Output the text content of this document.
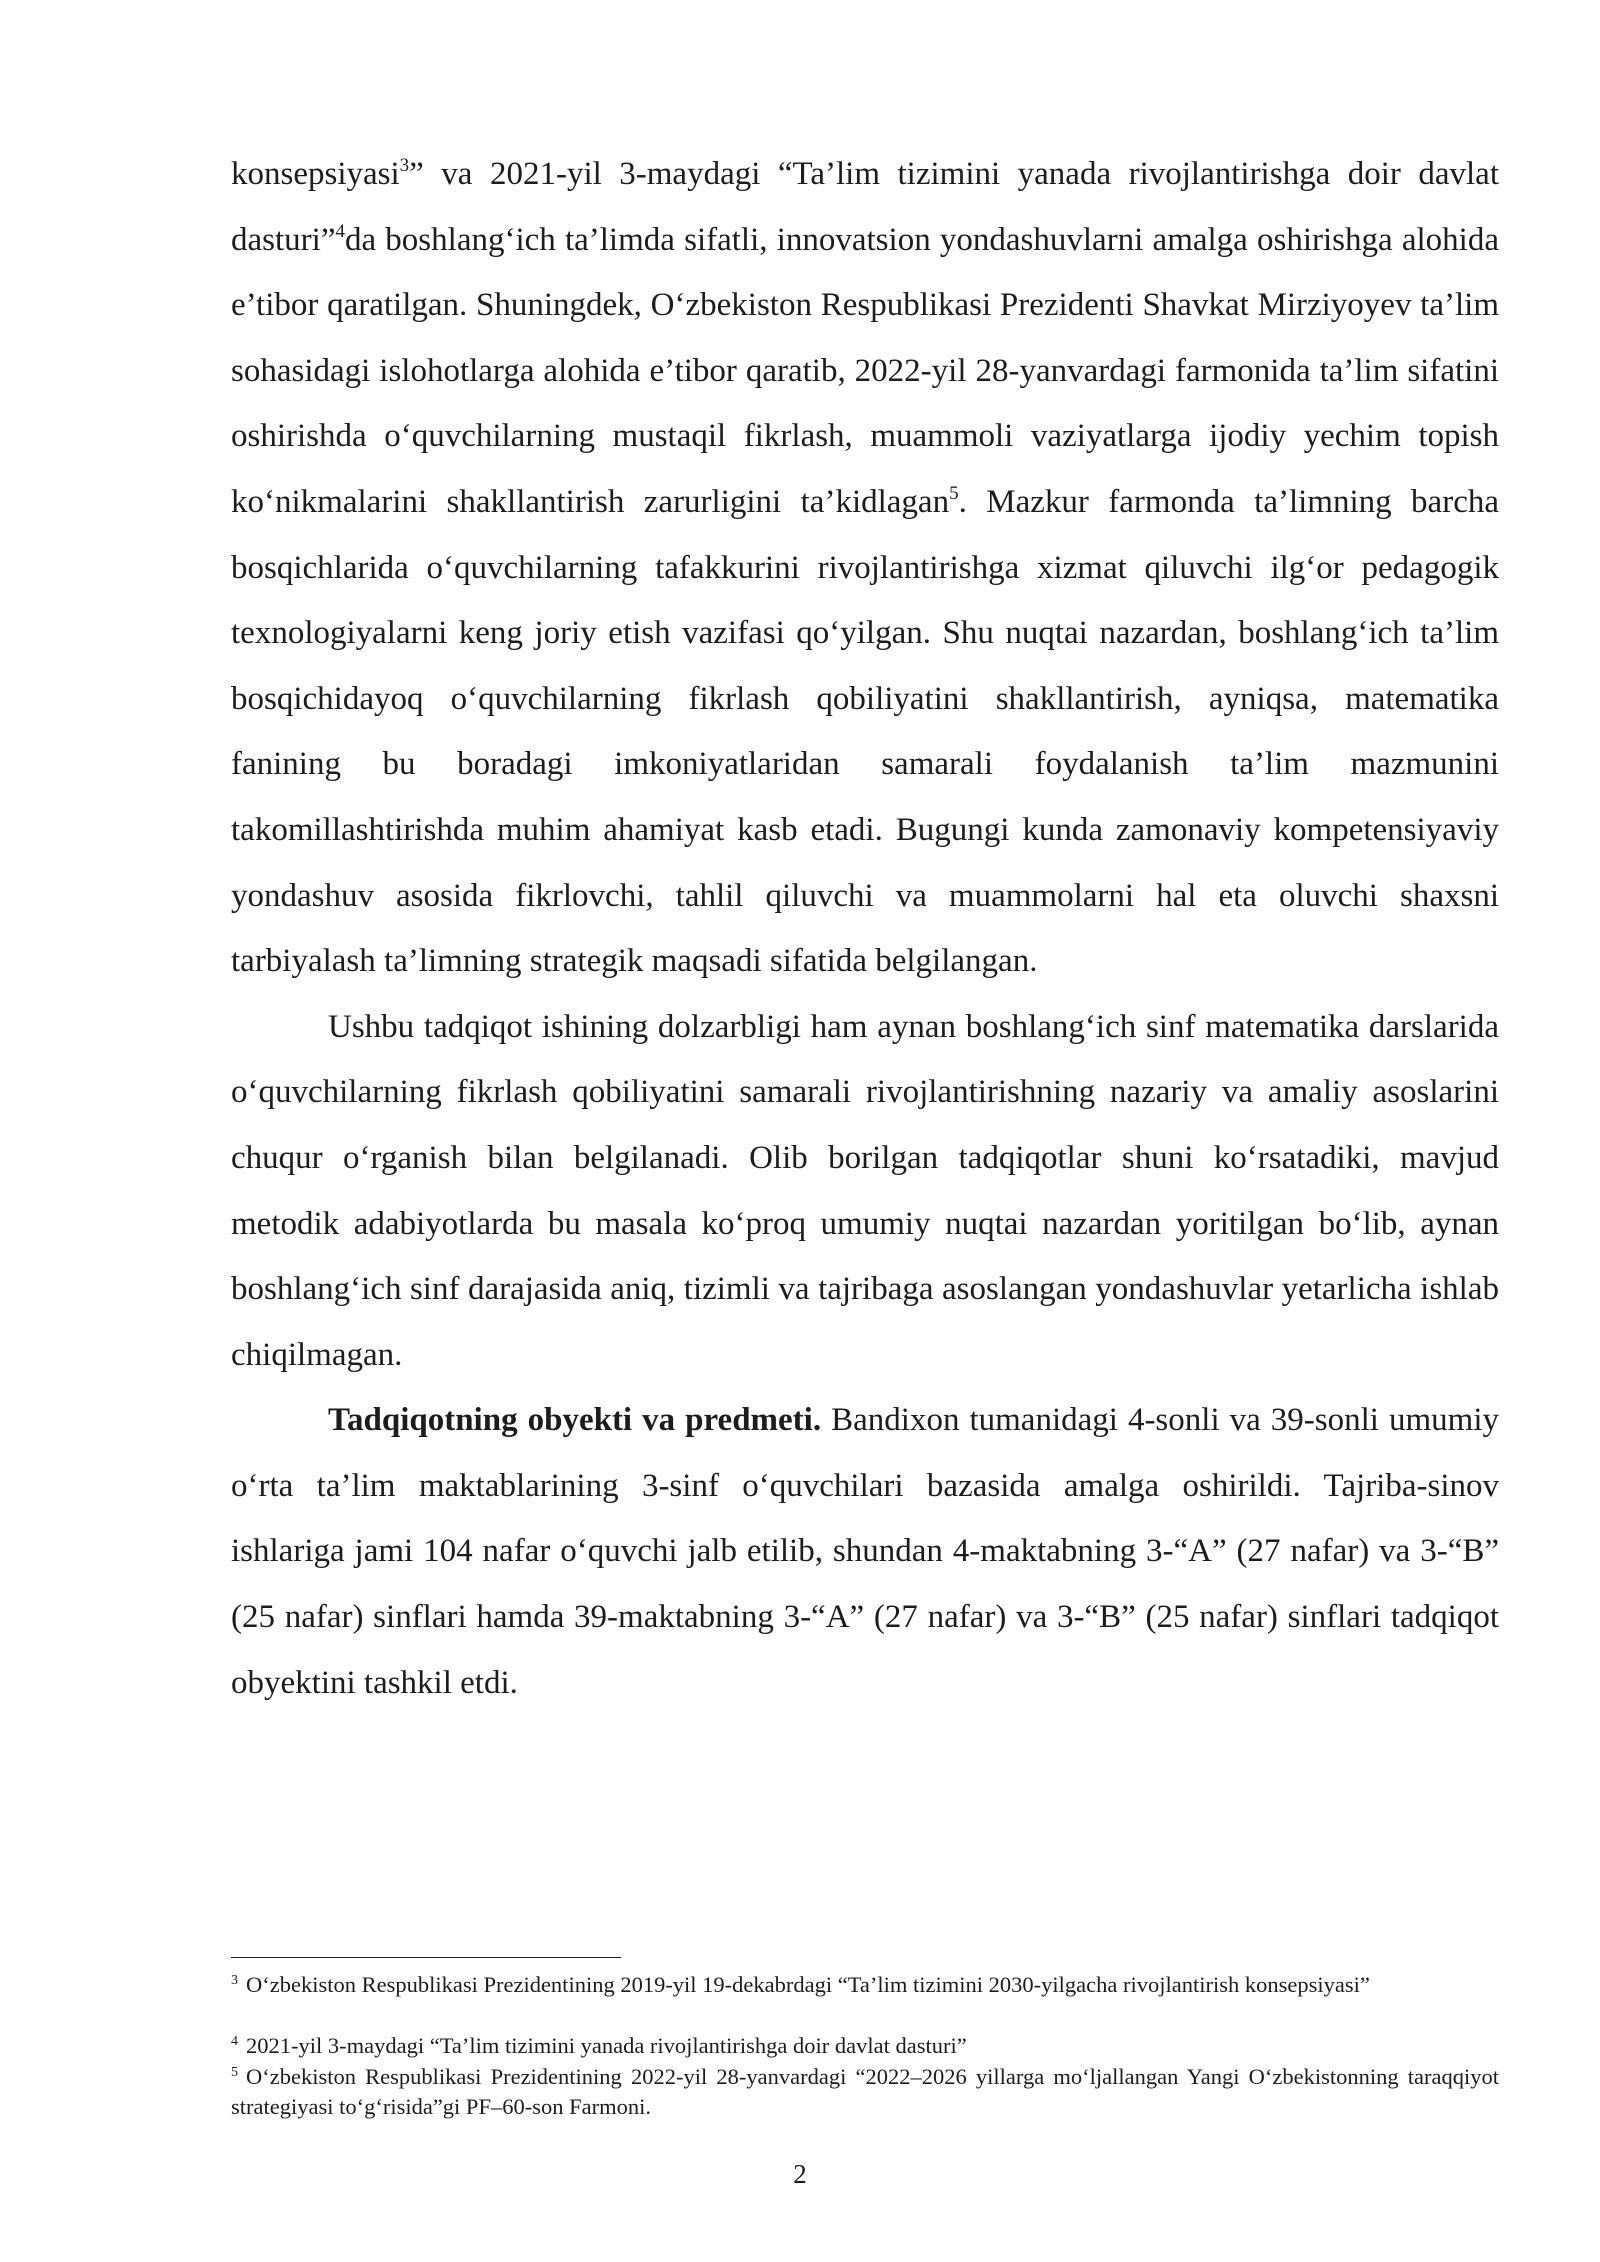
konsepsiyasi$^3$” va 2021-yil 3-maydagi “Ta’lim tizimini yanada rivojlantirishga doir davlat dasturi”$^4$da boshlang‘ich ta’limda sifatli, innovatsion yondashuvlarni amalga oshirishga alohida e’tibor qaratilgan. Shuningdek, O‘zbekiston Respublikasi Prezidenti Shavkat Mirziyoyev ta’lim sohasidagi islohotlarga alohida e’tibor qaratib, 2022-yil 28-yanvardagi farmonida ta’lim sifatini oshirishda o‘quvchilarning mustaqil fikrlash, muammoli vaziyatlarga ijodiy yechim topish ko‘nikmalarini shakllantirish zarurligini ta’kidlagan$^5$. Mazkur farmonda ta’limning barcha bosqichlarida o‘quvchilarning tafakkurini rivojlantirishga xizmat qiluvchi ilg‘or pedagogik texnologiyalarni keng joriy etish vazifasi qo‘yilgan. Shu nuqtai nazardan, boshlang‘ich ta’lim bosqichidayoq o‘quvchilarning fikrlash qobiliyatini shakllantirish, ayniqsa, matematika fanining bu boradagi imkoniyatlaridan samarali foydalanish ta’lim mazmunini takomillashtirishda muhim ahamiyat kasb etadi. Bugungi kunda zamonaviy kompetensiyaviy yondashuv asosida fikrlovchi, tahlil qiluvchi va muammolarni hal eta oluvchi shaxsni tarbiyalash ta’limning strategik maqsadi sifatida belgilangan.

Ushbu tadqiqot ishining dolzarbligi ham aynan boshlang‘ich sinf matematika darslarida o‘quvchilarning fikrlash qobiliyatini samarali rivojlantirishning nazariy va amaliy asoslarini chuqur o‘rganish bilan belgilanadi. Olib borilgan tadqiqotlar shuni ko‘rsatadiki, mavjud metodik adabiyotlarda bu masala ko‘proq umumiy nuqtai nazardan yoritilgan bo‘lib, aynan boshlang‘ich sinf darajasida aniq, tizimli va tajribaga asoslangan yondashuvlar yetarlicha ishlab chiqilmagan.

Tadqiqotning obyekti va predmeti. Bandixon tumanidagi 4-sonli va 39-sonli umumiy o‘rta ta’lim maktablarining 3-sinf o‘quvchilari bazasida amalga oshirildi. Tajriba-sinov ishlariga jami 104 nafar o‘quvchi jalb etilib, shundan 4-maktabning 3-“A” (27 nafar) va 3-“B” (25 nafar) sinflari hamda 39-maktabning 3-“A” (27 nafar) va 3-“B” (25 nafar) sinflari tadqiqot obyektini tashkil etdi.

$^3$ O‘zbekiston Respublikasi Prezidentining 2019-yil 19-dekabrdagi “Ta’lim tizimini 2030-yilgacha rivojlantirish konsepsiyasi”
$^4$ 2021-yil 3-maydagi “Ta’lim tizimini yanada rivojlantirishga doir davlat dasturi”
$^5$ O‘zbekiston Respublikasi Prezidentining 2022-yil 28-yanvardagi “2022–2026 yillarga mo‘ljallangan Yangi O‘zbekistonning taraqqiyot strategiyasi to‘g‘risida”gi PF–60-son Farmoni.
2
